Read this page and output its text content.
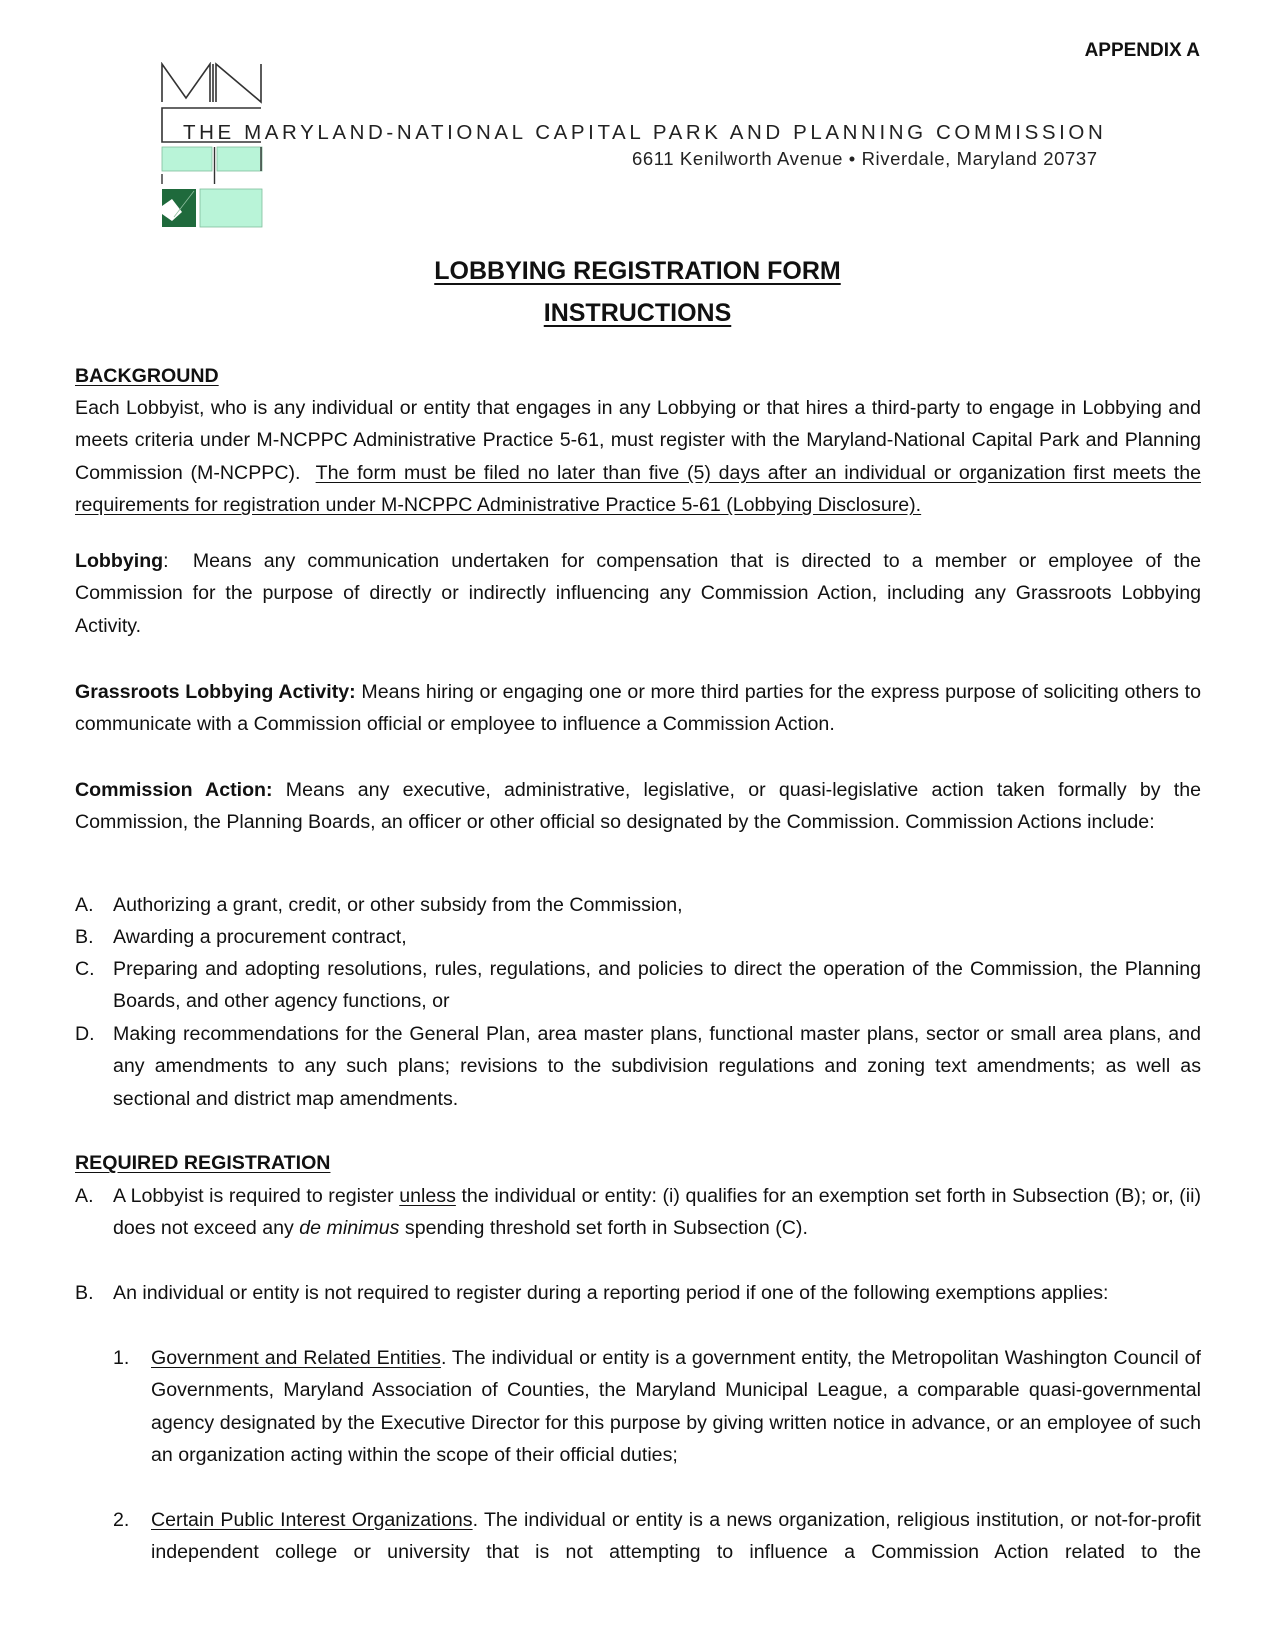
APPENDIX A
THE MARYLAND-NATIONAL CAPITAL PARK AND PLANNING COMMISSION
6611 Kenilworth Avenue • Riverdale, Maryland 20737
LOBBYING REGISTRATION FORM
INSTRUCTIONS
BACKGROUND
Each Lobbyist, who is any individual or entity that engages in any Lobbying or that hires a third-party to engage in Lobbying and meets criteria under M-NCPPC Administrative Practice 5-61, must register with the Maryland-National Capital Park and Planning Commission (M-NCPPC). The form must be filed no later than five (5) days after an individual or organization first meets the requirements for registration under M-NCPPC Administrative Practice 5-61 (Lobbying Disclosure).
Lobbying: Means any communication undertaken for compensation that is directed to a member or employee of the Commission for the purpose of directly or indirectly influencing any Commission Action, including any Grassroots Lobbying Activity.
Grassroots Lobbying Activity: Means hiring or engaging one or more third parties for the express purpose of soliciting others to communicate with a Commission official or employee to influence a Commission Action.
Commission Action: Means any executive, administrative, legislative, or quasi-legislative action taken formally by the Commission, the Planning Boards, an officer or other official so designated by the Commission. Commission Actions include:
A. Authorizing a grant, credit, or other subsidy from the Commission,
B. Awarding a procurement contract,
C. Preparing and adopting resolutions, rules, regulations, and policies to direct the operation of the Commission, the Planning Boards, and other agency functions, or
D. Making recommendations for the General Plan, area master plans, functional master plans, sector or small area plans, and any amendments to any such plans; revisions to the subdivision regulations and zoning text amendments; as well as sectional and district map amendments.
REQUIRED REGISTRATION
A. A Lobbyist is required to register unless the individual or entity: (i) qualifies for an exemption set forth in Subsection (B); or, (ii) does not exceed any de minimus spending threshold set forth in Subsection (C).
B. An individual or entity is not required to register during a reporting period if one of the following exemptions applies:
1. Government and Related Entities. The individual or entity is a government entity, the Metropolitan Washington Council of Governments, Maryland Association of Counties, the Maryland Municipal League, a comparable quasi-governmental agency designated by the Executive Director for this purpose by giving written notice in advance, or an employee of such an organization acting within the scope of their official duties;
2. Certain Public Interest Organizations. The individual or entity is a news organization, religious institution, or not-for-profit independent college or university that is not attempting to influence a Commission Action related to the
